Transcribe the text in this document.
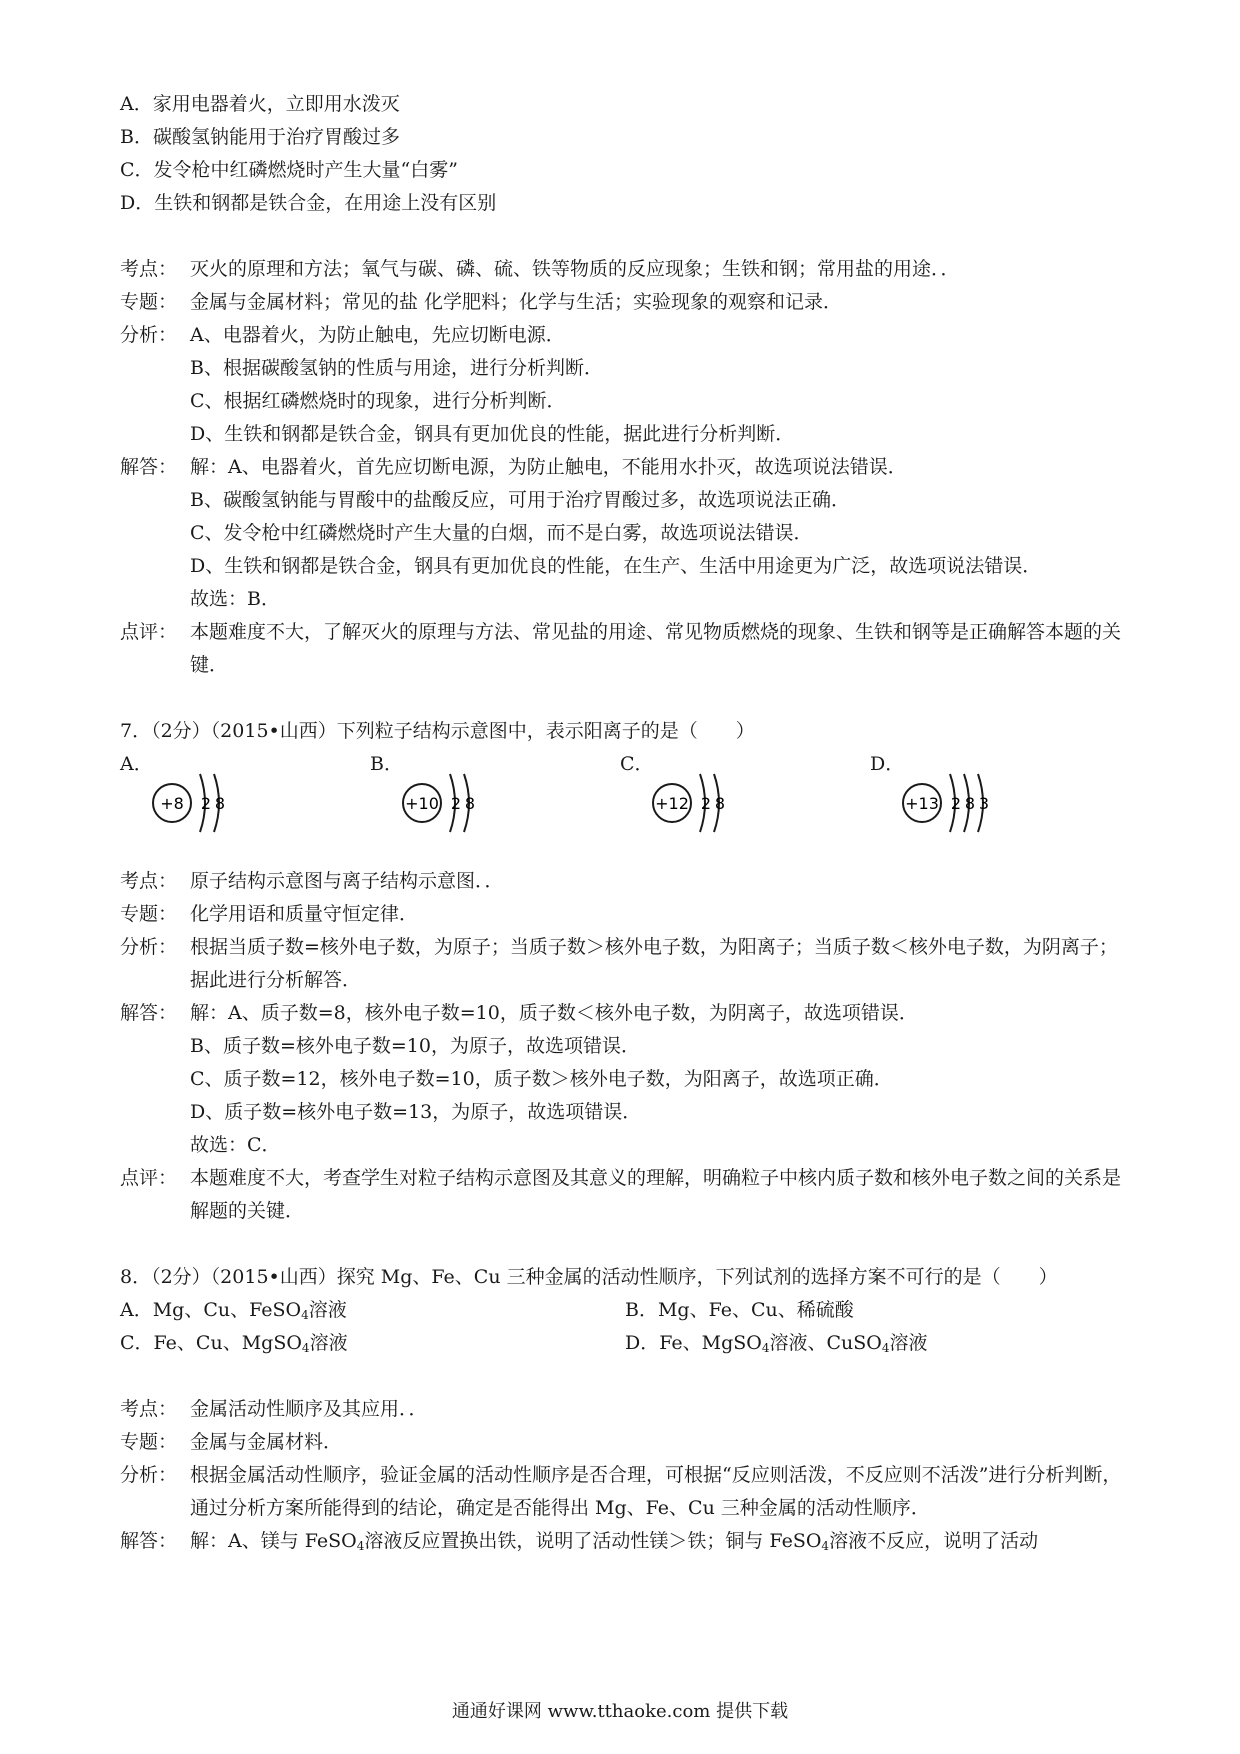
A．家用电器着火，立即用水泼灭
B．碳酸氢钠能用于治疗胃酸过多
C．发令枪中红磷燃烧时产生大量“白雾”
D．生铁和钢都是铁合金，在用途上没有区别
考点： 灭火的原理和方法；氧气与碳、磷、硫、铁等物质的反应现象；生铁和钢；常用盐的用途．．
专题： 金属与金属材料；常见的盐 化学肥料；化学与生活；实验现象的观察和记录．
分析： A、电器着火，为防止触电，先应切断电源．
B、根据碳酸氢钠的性质与用途，进行分析判断．
C、根据红磷燃烧时的现象，进行分析判断．
D、生铁和钢都是铁合金，钢具有更加优良的性能，据此进行分析判断．
解答： 解：A、电器着火，首先应切断电源，为防止触电，不能用水扑灭，故选项说法错误．
B、碳酸氢钠能与胃酸中的盐酸反应，可用于治疗胃酸过多，故选项说法正确．
C、发令枪中红磷燃烧时产生大量的白烟，而不是白雾，故选项说法错误．
D、生铁和钢都是铁合金，钢具有更加优良的性能，在生产、生活中用途更为广泛，故选项说法错误．
故选：B．
点评： 本题难度不大，了解灭火的原理与方法、常见盐的用途、常见物质燃烧的现象、生铁和钢等是正确解答本题的关键．
7．（2分）（2015•山西）下列粒子结构示意图中，表示阳离子的是（　　）
A．
+8 2 8
B．
+10 2 8
C．
+12 2 8
D．
+13 2 8 3
考点： 原子结构示意图与离子结构示意图．．
专题： 化学用语和质量守恒定律．
分析： 根据当质子数=核外电子数，为原子；当质子数＞核外电子数，为阳离子；当质子数＜核外电子数，为阴离子；据此进行分析解答．
解答： 解：A、质子数=8，核外电子数=10，质子数＜核外电子数，为阴离子，故选项错误．
B、质子数=核外电子数=10，为原子，故选项错误．
C、质子数=12，核外电子数=10，质子数＞核外电子数，为阳离子，故选项正确．
D、质子数=核外电子数=13，为原子，故选项错误．
故选：C．
点评： 本题难度不大，考查学生对粒子结构示意图及其意义的理解，明确粒子中核内质子数和核外电子数之间的关系是解题的关键．
8．（2分）（2015•山西）探究 Mg、Fe、Cu 三种金属的活动性顺序，下列试剂的选择方案不可行的是（　　）
A．Mg、Cu、FeSO$_4$溶液	B．Mg、Fe、Cu、稀硫酸
C．Fe、Cu、MgSO$_4$溶液	D．Fe、MgSO$_4$溶液、CuSO$_4$溶液
考点： 金属活动性顺序及其应用．．
专题： 金属与金属材料．
分析： 根据金属活动性顺序，验证金属的活动性顺序是否合理，可根据“反应则活泼，不反应则不活泼”进行分析判断，通过分析方案所能得到的结论，确定是否能得出 Mg、Fe、Cu 三种金属的活动性顺序．
解答： 解：A、镁与 FeSO$_4$溶液反应置换出铁，说明了活动性镁＞铁；铜与 FeSO$_4$溶液不反应，说明了活动
通通好课网 www.tthaoke.com 提供下载
